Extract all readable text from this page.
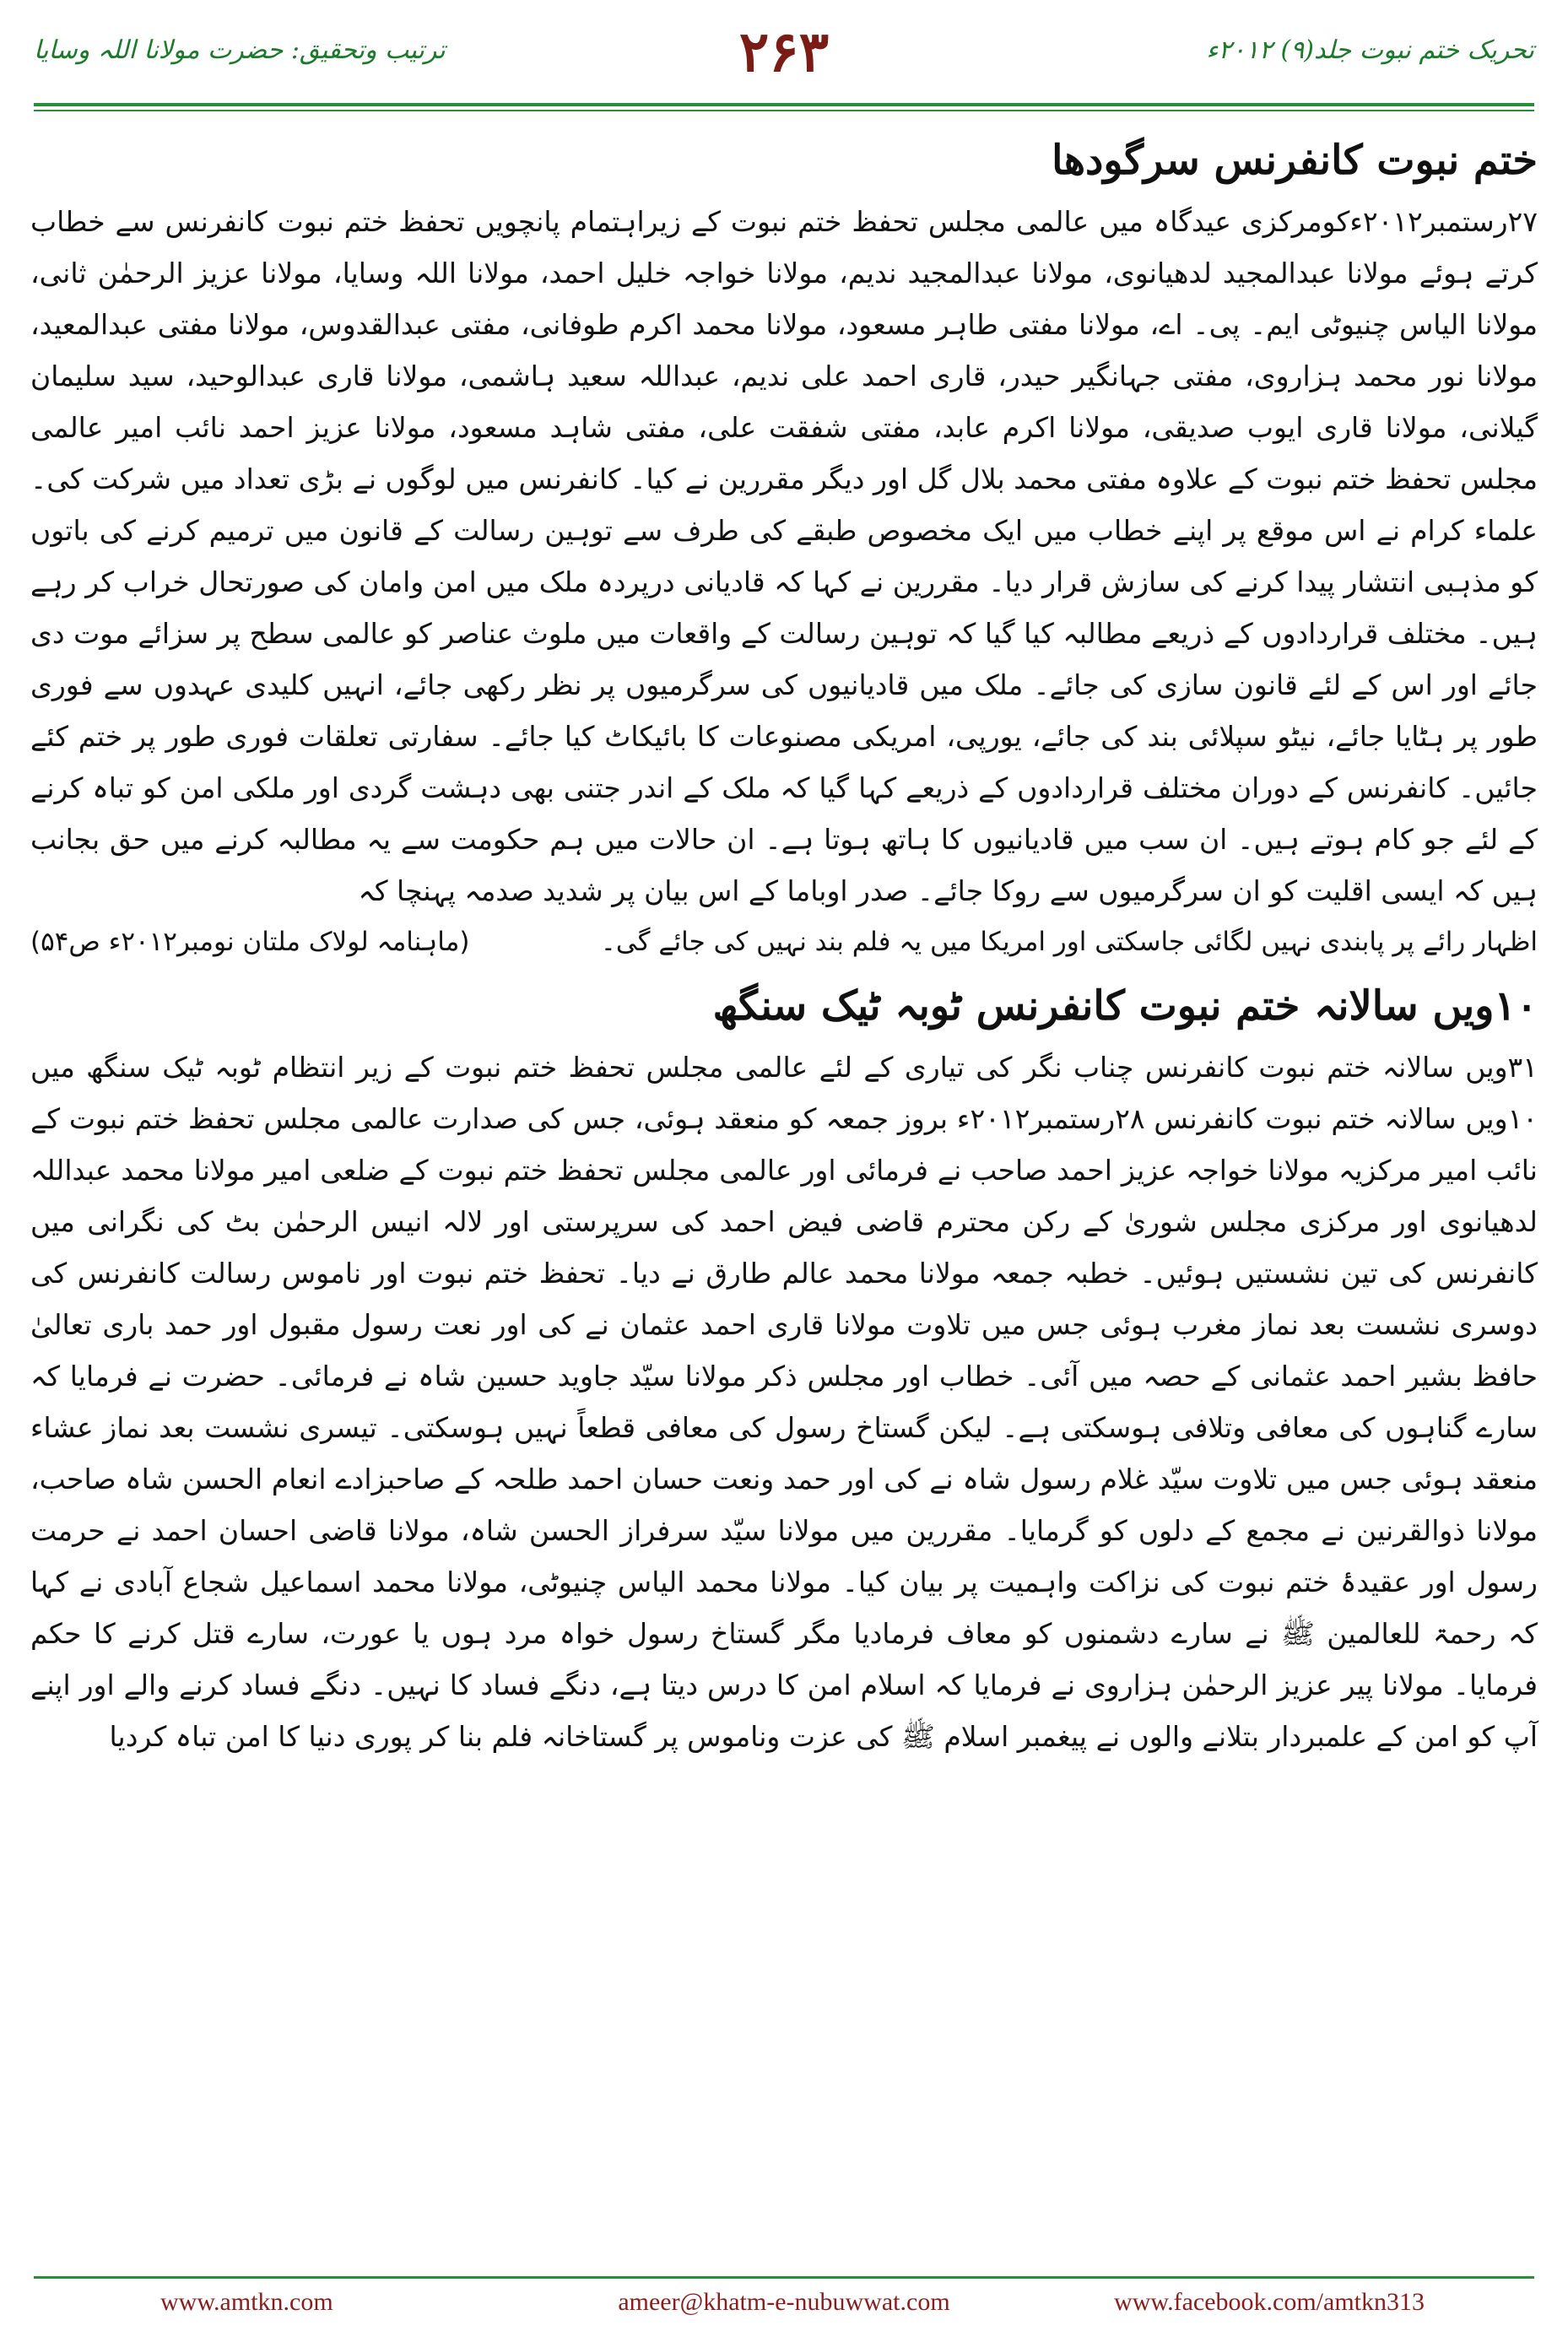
تحریک ختم نبوت جلد(۹) ۲۰۱۲ء
۲۶۳
ترتیب وتحقیق: حضرت مولانا اللہ وسایا
ختم نبوت کانفرنس سرگودھا

۲۷رستمبر۲۰۱۲ءکومرکزی عیدگاہ میں عالمی مجلس تحفظ ختم نبوت کے زیراہتمام پانچویں تحفظ ختم نبوت کانفرنس سے خطاب کرتے ہوئے مولانا عبدالمجید لدھیانوی، مولانا عبدالمجید ندیم، مولانا خواجہ خلیل احمد، مولانا اللہ وسایا، مولانا عزیز الرحمٰن ثانی، مولانا الیاس چنیوٹی ایم۔ پی۔ اے، مولانا مفتی طاہر مسعود، مولانا محمد اکرم طوفانی، مفتی عبدالقدوس، مولانا مفتی عبدالمعید، مولانا نور محمد ہزاروی، مفتی جہانگیر حیدر، قاری احمد علی ندیم، عبداللہ سعید ہاشمی، مولانا قاری عبدالوحید، سید سلیمان گیلانی، مولانا قاری ایوب صدیقی، مولانا اکرم عابد، مفتی شفقت علی، مفتی شاہد مسعود، مولانا عزیز احمد نائب امیر عالمی مجلس تحفظ ختم نبوت کے علاوہ مفتی محمد بلال گل اور دیگر مقررین نے کیا۔ کانفرنس میں لوگوں نے بڑی تعداد میں شرکت کی۔ علماء کرام نے اس موقع پر اپنے خطاب میں ایک مخصوص طبقے کی طرف سے توہین رسالت کے قانون میں ترمیم کرنے کی باتوں کو مذہبی انتشار پیدا کرنے کی سازش قرار دیا۔ مقررین نے کہا کہ قادیانی درپردہ ملک میں امن وامان کی صورتحال خراب کر رہے ہیں۔ مختلف قراردادوں کے ذریعے مطالبہ کیا گیا کہ توہین رسالت کے واقعات میں ملوث عناصر کو عالمی سطح پر سزائے موت دی جائے اور اس کے لئے قانون سازی کی جائے۔ ملک میں قادیانیوں کی سرگرمیوں پر نظر رکھی جائے، انہیں کلیدی عہدوں سے فوری طور پر ہٹایا جائے، نیٹو سپلائی بند کی جائے، یورپی، امریکی مصنوعات کا بائیکاٹ کیا جائے۔ سفارتی تعلقات فوری طور پر ختم کئے جائیں۔ کانفرنس کے دوران مختلف قراردادوں کے ذریعے کہا گیا کہ ملک کے اندر جتنی بھی دہشت گردی اور ملکی امن کو تباہ کرنے کے لئے جو کام ہوتے ہیں۔ ان سب میں قادیانیوں کا ہاتھ ہوتا ہے۔ ان حالات میں ہم حکومت سے یہ مطالبہ کرنے میں حق بجانب ہیں کہ ایسی اقلیت کو ان سرگرمیوں سے روکا جائے۔ صدر اوباما کے اس بیان پر شدید صدمہ پہنچا کہ

اظہار رائے پر پابندی نہیں لگائی جاسکتی اور امریکا میں یہ فلم بند نہیں کی جائے گی۔
(ماہنامہ لولاک ملتان نومبر۲۰۱۲ء ص۵۴)
۱۰ویں سالانہ ختم نبوت کانفرنس ٹوبہ ٹیک سنگھ

۳۱ویں سالانہ ختم نبوت کانفرنس چناب نگر کی تیاری کے لئے عالمی مجلس تحفظ ختم نبوت کے زیر انتظام ٹوبہ ٹیک سنگھ میں ۱۰ویں سالانہ ختم نبوت کانفرنس ۲۸رستمبر۲۰۱۲ء بروز جمعہ کو منعقد ہوئی، جس کی صدارت عالمی مجلس تحفظ ختم نبوت کے نائب امیر مرکزیہ مولانا خواجہ عزیز احمد صاحب نے فرمائی اور عالمی مجلس تحفظ ختم نبوت کے ضلعی امیر مولانا محمد عبداللہ لدھیانوی اور مرکزی مجلس شوریٰ کے رکن محترم قاضی فیض احمد کی سرپرستی اور لالہ انیس الرحمٰن بٹ کی نگرانی میں کانفرنس کی تین نشستیں ہوئیں۔ خطبہ جمعہ مولانا محمد عالم طارق نے دیا۔ تحفظ ختم نبوت اور ناموس رسالت کانفرنس کی دوسری نشست بعد نماز مغرب ہوئی جس میں تلاوت مولانا قاری احمد عثمان نے کی اور نعت رسول مقبول اور حمد باری تعالیٰ حافظ بشیر احمد عثمانی کے حصہ میں آئی۔ خطاب اور مجلس ذکر مولانا سیّد جاوید حسین شاہ نے فرمائی۔ حضرت نے فرمایا کہ سارے گناہوں کی معافی وتلافی ہوسکتی ہے۔ لیکن گستاخ رسول کی معافی قطعاً نہیں ہوسکتی۔ تیسری نشست بعد نماز عشاء منعقد ہوئی جس میں تلاوت سیّد غلام رسول شاہ نے کی اور حمد ونعت حسان احمد طلحہ کے صاحبزادے انعام الحسن شاہ صاحب، مولانا ذوالقرنین نے مجمع کے دلوں کو گرمایا۔ مقررین میں مولانا سیّد سرفراز الحسن شاہ، مولانا قاضی احسان احمد نے حرمت رسول اور عقیدۂ ختم نبوت کی نزاکت واہمیت پر بیان کیا۔ مولانا محمد الیاس چنیوٹی، مولانا محمد اسماعیل شجاع آبادی نے کہا کہ رحمۃ للعالمین ﷺ نے سارے دشمنوں کو معاف فرمادیا مگر گستاخ رسول خواہ مرد ہوں یا عورت، سارے قتل کرنے کا حکم فرمایا۔ مولانا پیر عزیز الرحمٰن ہزاروی نے فرمایا کہ اسلام امن کا درس دیتا ہے، دنگے فساد کا نہیں۔ دنگے فساد کرنے والے اور اپنے آپ کو امن کے علمبردار بتلانے والوں نے پیغمبر اسلام ﷺ کی عزت وناموس پر گستاخانہ فلم بنا کر پوری دنیا کا امن تباہ کردیا

www.amtkn.com	ameer@khatm-e-nubuwwat.com	www.facebook.com/amtkn313
